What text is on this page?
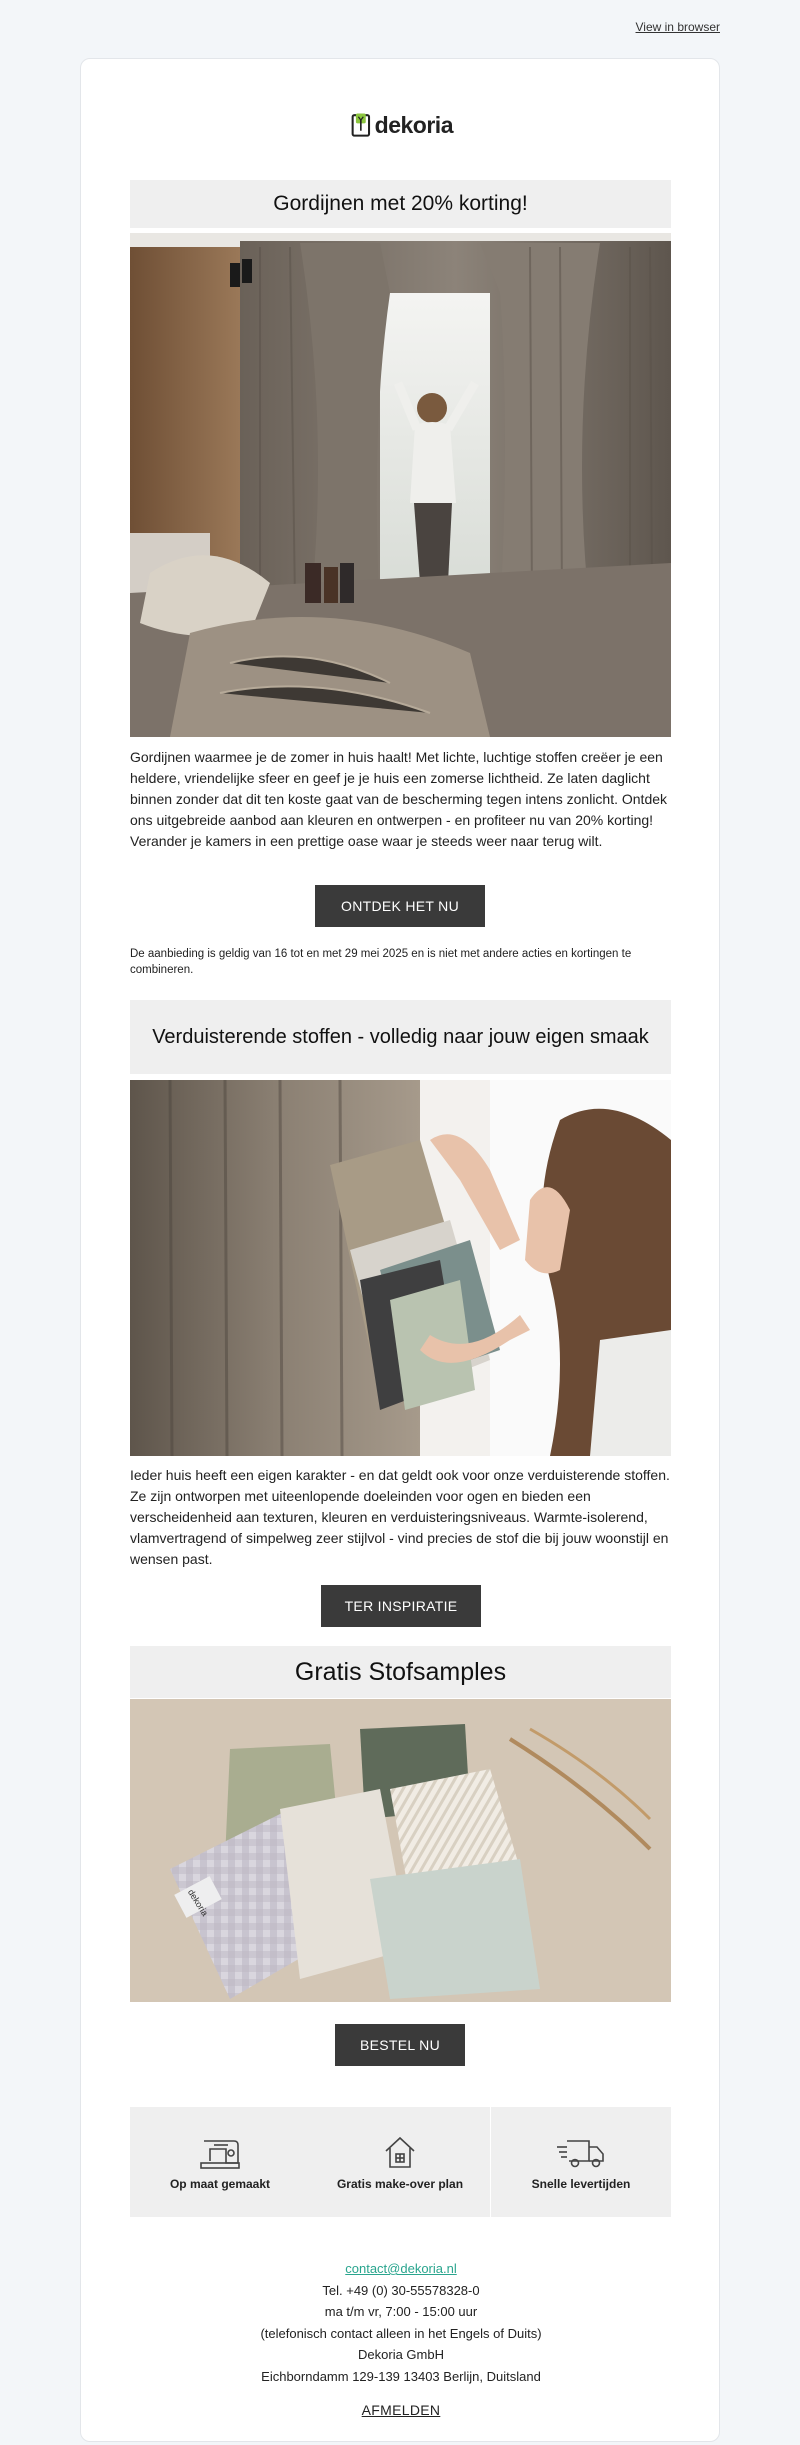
View in browser
dekoria
Gordijnen met 20% korting!

Gordijnen waarmee je de zomer in huis haalt! Met lichte, luchtige stoffen creëer je een heldere, vriendelijke sfeer en geef je je huis een zomerse lichtheid. Ze laten daglicht binnen zonder dat dit ten koste gaat van de bescherming tegen intens zonlicht. Ontdek ons uitgebreide aanbod aan kleuren en ontwerpen - en profiteer nu van 20% korting! Verander je kamers in een prettige oase waar je steeds weer naar terug wilt.

ONTDEK HET NU

De aanbieding is geldig van 16 tot en met 29 mei 2025 en is niet met andere acties en kortingen te combineren.

Verduisterende stoffen - volledig naar jouw eigen smaak

Ieder huis heeft een eigen karakter - en dat geldt ook voor onze verduisterende stoffen. Ze zijn ontworpen met uiteenlopende doeleinden voor ogen en bieden een verscheidenheid aan texturen, kleuren en verduisteringsniveaus. Warmte-isolerend, vlamvertragend of simpelweg zeer stijlvol - vind precies de stof die bij jouw woonstijl en wensen past.

TER INSPIRATIE
Gratis Stofsamples
dekoria
BESTEL NU
Op maat gemaakt	Gratis make-over plan	Snelle levertijden
contact@dekoria.nl
Tel. +49 (0) 30-55578328-0
ma t/m vr, 7:00 - 15:00 uur
(telefonisch contact alleen in het Engels of Duits)
Dekoria GmbH
Eichborndamm 129-139 13403 Berlijn, Duitsland
AFMELDEN
